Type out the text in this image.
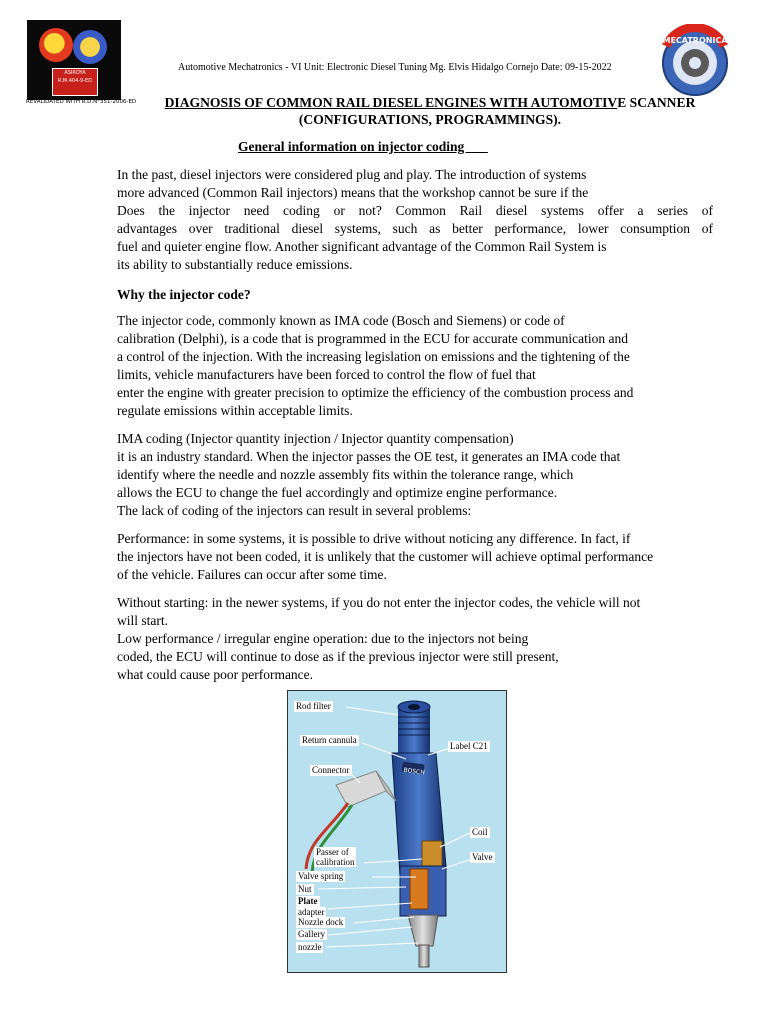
ASIROYA
R.M.404-9-ED
REVALIDATED WITH R.D.N°351-2006-ED
MECATRONICA
Automotive Mechatronics - VI Unit: Electronic Diesel Tuning Mg. Elvis Hidalgo Cornejo Date: 09-15-2022
DIAGNOSIS OF COMMON RAIL DIESEL ENGINES WITH AUTOMOTIVE SCANNER
(CONFIGURATIONS, PROGRAMMINGS).
General information on injector coding
In the past, diesel injectors were considered plug and play. The introduction of systems
more advanced (Common Rail injectors) means that the workshop cannot be sure if the
Does the injector need coding or not? Common Rail diesel systems offer a series of
advantages over traditional diesel systems, such as better performance, lower consumption of
fuel and quieter engine flow. Another significant advantage of the Common Rail System is
its ability to substantially reduce emissions.
Why the injector code?
The injector code, commonly known as IMA code (Bosch and Siemens) or code of
calibration (Delphi), is a code that is programmed in the ECU for accurate communication and
a control of the injection. With the increasing legislation on emissions and the tightening of the
limits, vehicle manufacturers have been forced to control the flow of fuel that
enter the engine with greater precision to optimize the efficiency of the combustion process and
regulate emissions within acceptable limits.
IMA coding (Injector quantity injection / Injector quantity compensation)
it is an industry standard. When the injector passes the OE test, it generates an IMA code that
identify where the needle and nozzle assembly fits within the tolerance range, which
allows the ECU to change the fuel accordingly and optimize engine performance.
The lack of coding of the injectors can result in several problems:
Performance: in some systems, it is possible to drive without noticing any difference. In fact, if
the injectors have not been coded, it is unlikely that the customer will achieve optimal performance
of the vehicle. Failures can occur after some time.
Without starting: in the newer systems, if you do not enter the injector codes, the vehicle will not
will start.
Low performance / irregular engine operation: due to the injectors not being
coded, the ECU will continue to dose as if the previous injector were still present,
what could cause poor performance.
BOSCH
Rod filter
Return cannula
Label C21
Connector
Coil
Passer of
calibration	Valve
Valve spring
Nut
Plate
adapter
Nozzle dock
Gallery
nozzle
